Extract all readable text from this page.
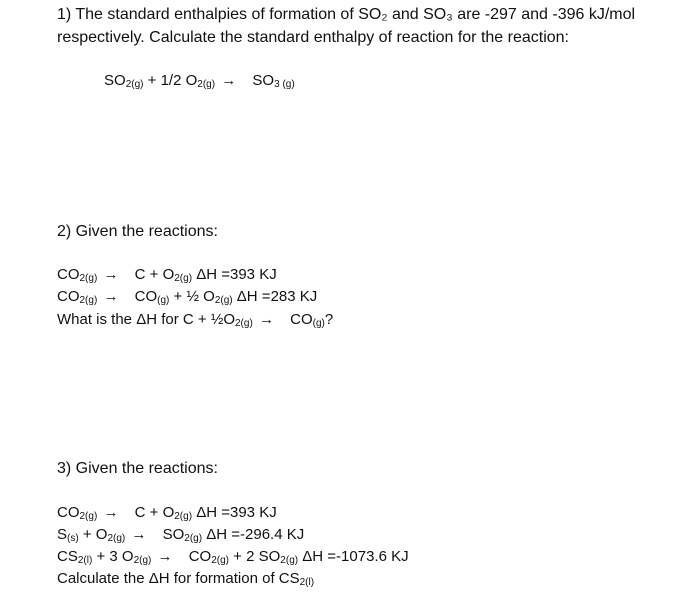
1) The standard enthalpies of formation of SO₂ and SO₃ are -297 and -396 kJ/mol
respectively. Calculate the standard enthalpy of reaction for the reaction:
$SO_{2(g)} + 1/2$ $O_{2(g)} \to SO_{3 (g)}$
2) Given the reactions:
$CO_{2(g)} \to C + O_{2(g)}$ ΔH =393 KJ
$CO_{2(g)} \to CO_{(g)}$ + ½ $O_{2(g)}$ ΔH =283 KJ
What is the ΔH for $C + \frac{1}{2}O_{2(g)} \to CO_{(g)}$?
3) Given the reactions:
$CO_{2(g)} \to C + O_{2(g)}$ ΔH =393 KJ
$S_{(s)} + O_{2(g)} \to SO_{2(g)}$ ΔH =-296.4 KJ
$CS_{2(l)} + 3$ $O_{2(g)} \to CO_{2(g)} + 2$ $SO_{2(g)}$ ΔH =-1073.6 KJ
Calculate the ΔH for formation of $CS_{2(l)}$
